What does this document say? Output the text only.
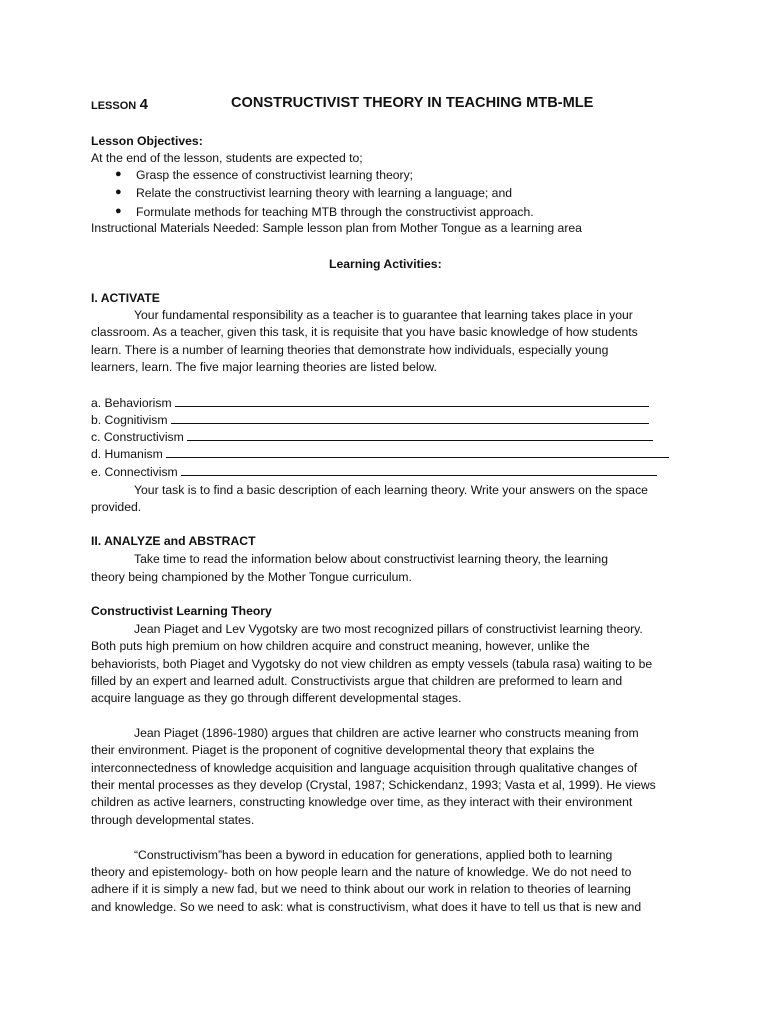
LESSON 4	CONSTRUCTIVIST THEORY IN TEACHING MTB-MLE
Lesson Objectives:
At the end of the lesson, students are expected to;
● Grasp the essence of constructivist learning theory;
● Relate the constructivist learning theory with learning a language; and
● Formulate methods for teaching MTB through the constructivist approach.
Instructional Materials Needed: Sample lesson plan from Mother Tongue as a learning area
Learning Activities:
I. ACTIVATE
Your fundamental responsibility as a teacher is to guarantee that learning takes place in your
classroom. As a teacher, given this task, it is requisite that you have basic knowledge of how students
learn. There is a number of learning theories that demonstrate how individuals, especially young
learners, learn. The five major learning theories are listed below.
a. Behaviorism
b. Cognitivism
c. Constructivism
d. Humanism
e. Connectivism
Your task is to find a basic description of each learning theory. Write your answers on the space
provided.
II. ANALYZE and ABSTRACT
Take time to read the information below about constructivist learning theory, the learning
theory being championed by the Mother Tongue curriculum.
Constructivist Learning Theory
Jean Piaget and Lev Vygotsky are two most recognized pillars of constructivist learning theory.
Both puts high premium on how children acquire and construct meaning, however, unlike the
behaviorists, both Piaget and Vygotsky do not view children as empty vessels (tabula rasa) waiting to be
filled by an expert and learned adult. Constructivists argue that children are preformed to learn and
acquire language as they go through different developmental stages.
Jean Piaget (1896-1980) argues that children are active learner who constructs meaning from
their environment. Piaget is the proponent of cognitive developmental theory that explains the
interconnectedness of knowledge acquisition and language acquisition through qualitative changes of
their mental processes as they develop (Crystal, 1987; Schickendanz, 1993; Vasta et al, 1999). He views
children as active learners, constructing knowledge over time, as they interact with their environment
through developmental states.
“Constructivism”has been a byword in education for generations, applied both to learning
theory and epistemology- both on how people learn and the nature of knowledge. We do not need to
adhere if it is simply a new fad, but we need to think about our work in relation to theories of learning
and knowledge. So we need to ask: what is constructivism, what does it have to tell us that is new and
